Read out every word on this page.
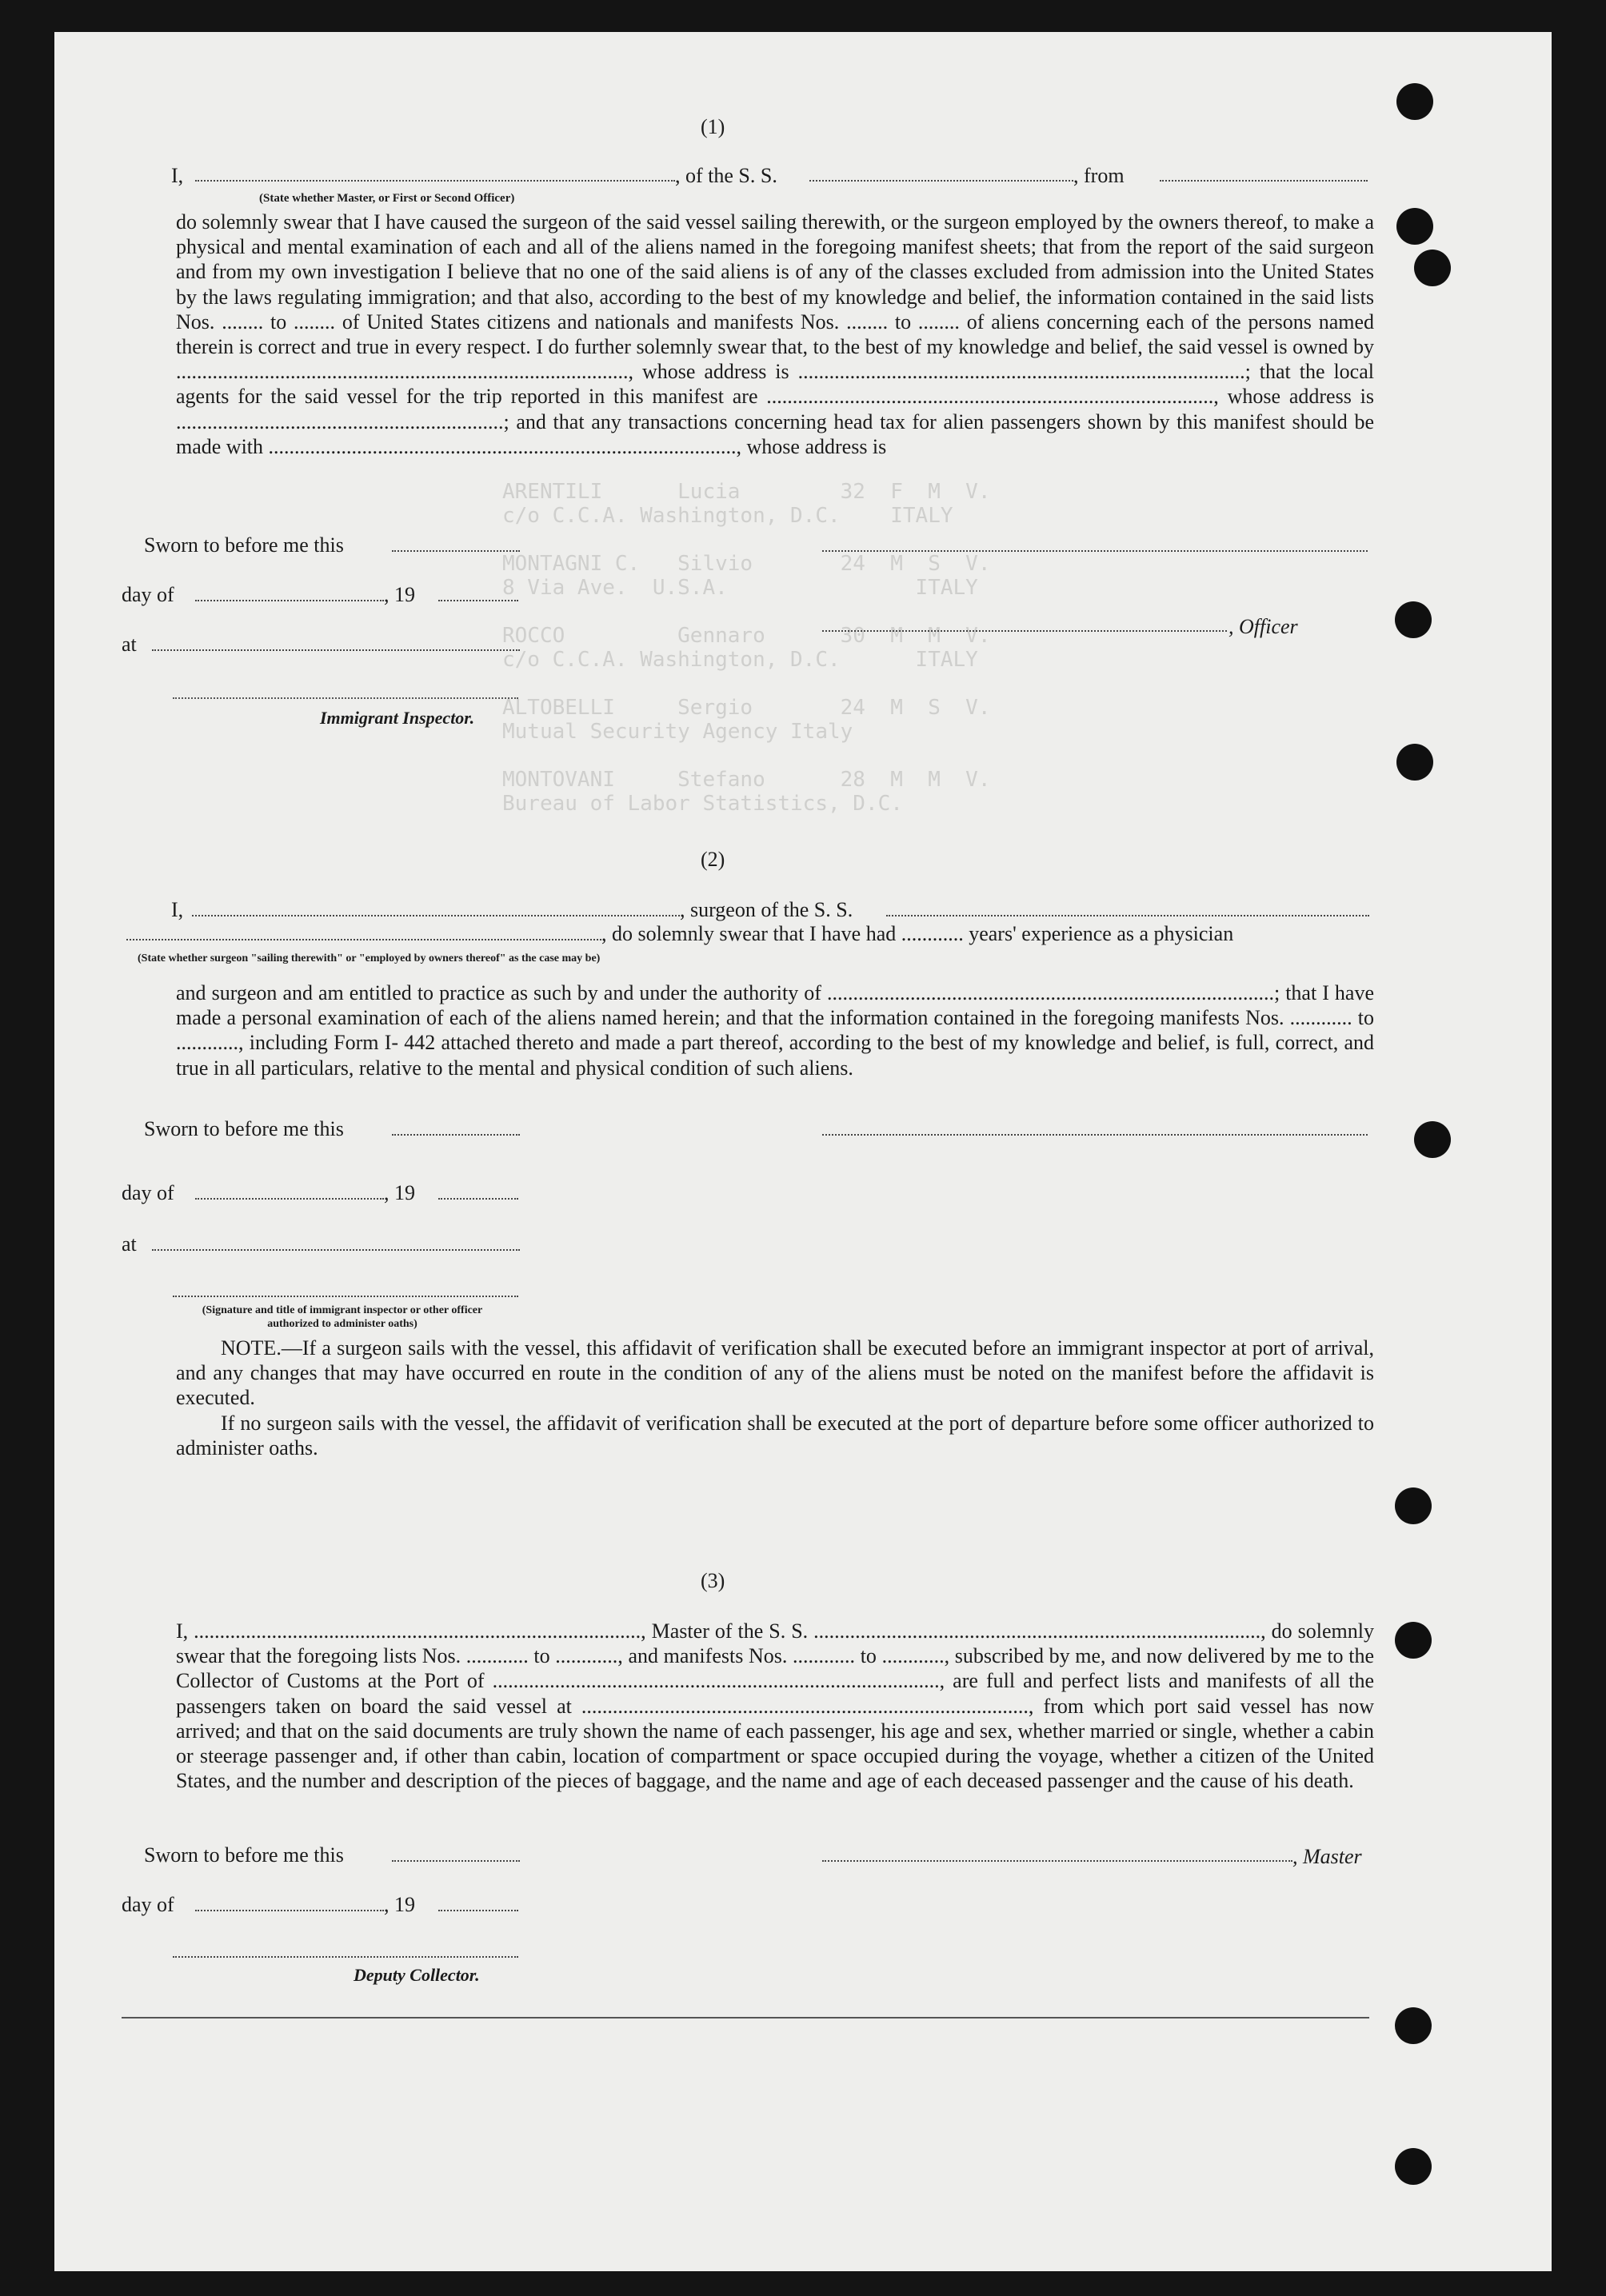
ARENTILI      Lucia        32  F  M  V.
c/o C.C.A. Washington, D.C.    ITALY

MONTAGNI C.   Silvio       24  M  S  V.
8 Via Ave.  U.S.A.               ITALY

ROCCO         Gennaro      30  M  M  V.
c/o C.C.A. Washington, D.C.      ITALY

ALTOBELLI     Sergio       24  M  S  V.
Mutual Security Agency Italy

MONTOVANI     Stefano      28  M  M  V.
Bureau of Labor Statistics, D.C.
(1)
I,	, of the S. S.	, from
(State whether Master, or First or Second Officer)
do solemnly swear that I have caused the surgeon of the said vessel sailing therewith, or the surgeon employed by the owners thereof, to make a physical and mental examination of each and all of the aliens named in the foregoing manifest sheets; that from the report of the said surgeon and from my own investigation I believe that no one of the said aliens is of any of the classes excluded from admission into the United States by the laws regulating immigration; and that also, according to the best of my knowledge and belief, the information contained in the said lists Nos. ........ to ........ of United States citizens and nationals and manifests Nos. ........ to ........ of aliens concerning each of the persons named therein is correct and true in every respect. I do further solemnly swear that, to the best of my knowledge and belief, the said vessel is owned by ......................................................................................., whose address is ......................................................................................; that the local agents for the said vessel for the trip reported in this manifest are ......................................................................................, whose address is ...............................................................; and that any transactions concerning head tax for alien passengers shown by this manifest should be made with .........................................................................................., whose address is
Sworn to before me this
day of	, 19
, Officer
at
Immigrant Inspector.
(2)
I,	, surgeon of the S. S.
, do solemnly swear that I have had ............ years' experience as a physician
(State whether surgeon "sailing therewith" or "employed by owners thereof" as the case may be)
and surgeon and am entitled to practice as such by and under the authority of ......................................................................................; that I have made a personal examination of each of the aliens named herein; and that the information contained in the foregoing manifests Nos. ............ to ............, including Form I- 442 attached thereto and made a part thereof, according to the best of my knowledge and belief, is full, correct, and true in all particulars, relative to the mental and physical condition of such aliens.
Sworn to before me this
day of	, 19
at
(Signature and title of immigrant inspector or other officer authorized to administer oaths)
NOTE.—If a surgeon sails with the vessel, this affidavit of verification shall be executed before an immigrant inspector at port of arrival, and any changes that may have occurred en route in the condition of any of the aliens must be noted on the manifest before the affidavit is executed.
If no surgeon sails with the vessel, the affidavit of verification shall be executed at the port of departure before some officer authorized to administer oaths.
(3)
I, ......................................................................................, Master of the S. S. ......................................................................................, do solemnly swear that the foregoing lists Nos. ............ to ............, and manifests Nos. ............ to ............, subscribed by me, and now delivered by me to the Collector of Customs at the Port of ......................................................................................, are full and perfect lists and manifests of all the passengers taken on board the said vessel at ......................................................................................, from which port said vessel has now arrived; and that on the said documents are truly shown the name of each passenger, his age and sex, whether married or single, whether a cabin or steerage passenger and, if other than cabin, location of compartment or space occupied during the voyage, whether a citizen of the United States, and the number and description of the pieces of baggage, and the name and age of each deceased passenger and the cause of his death.
Sworn to before me this	, Master
day of	, 19
Deputy Collector.
